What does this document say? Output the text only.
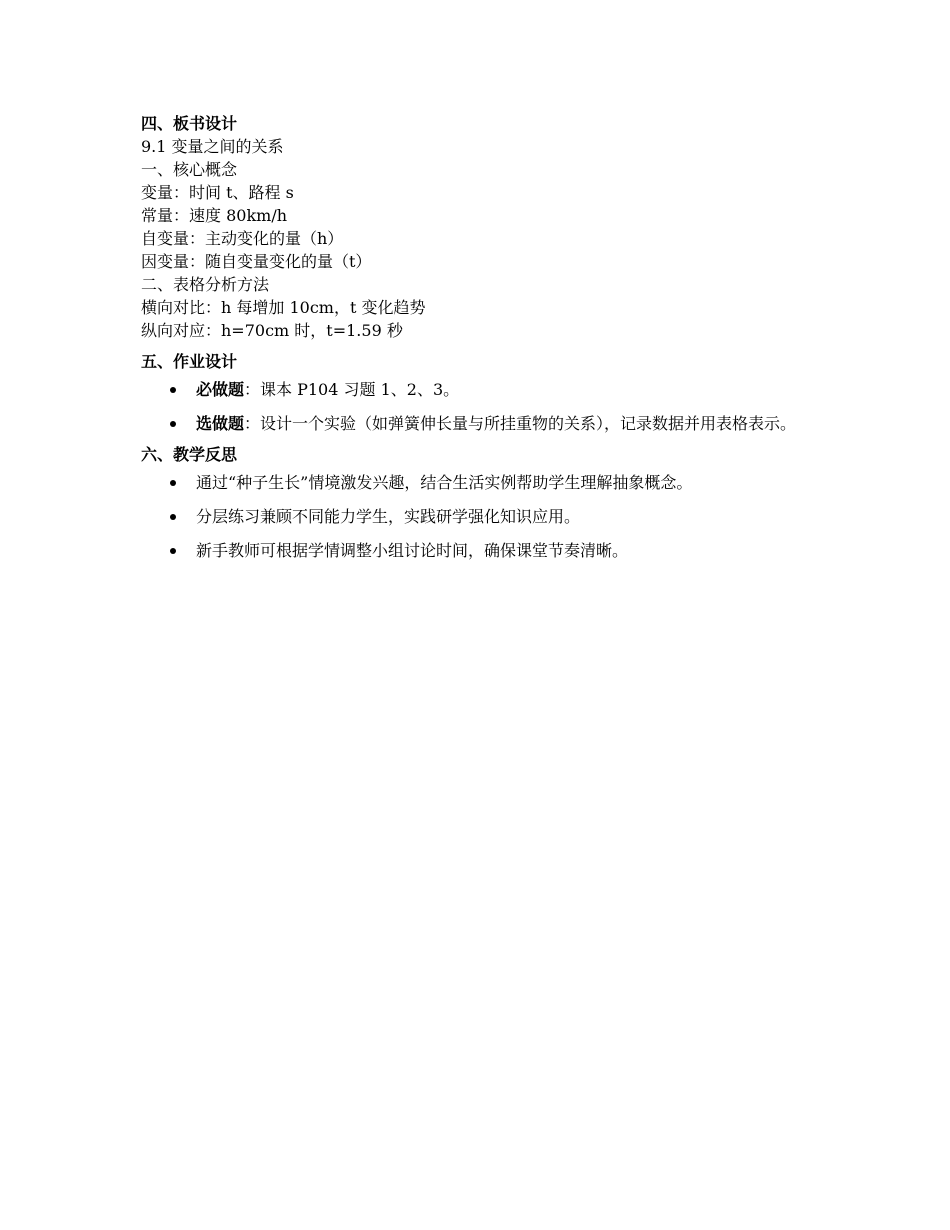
四、板书设计
9.1 变量之间的关系
一、核心概念
变量：时间 t、路程 s
常量：速度 80km/h
自变量：主动变化的量（h）
因变量：随自变量变化的量（t）
二、表格分析方法
横向对比：h 每增加 10cm，t 变化趋势
纵向对应：h=70cm 时，t=1.59 秒
五、作业设计
必做题：课本 P104 习题 1、2、3。
选做题：设计一个实验（如弹簧伸长量与所挂重物的关系），记录数据并用表格表示。
六、教学反思
通过“种子生长”情境激发兴趣，结合生活实例帮助学生理解抽象概念。
分层练习兼顾不同能力学生，实践研学强化知识应用。
新手教师可根据学情调整小组讨论时间，确保课堂节奏清晰。
